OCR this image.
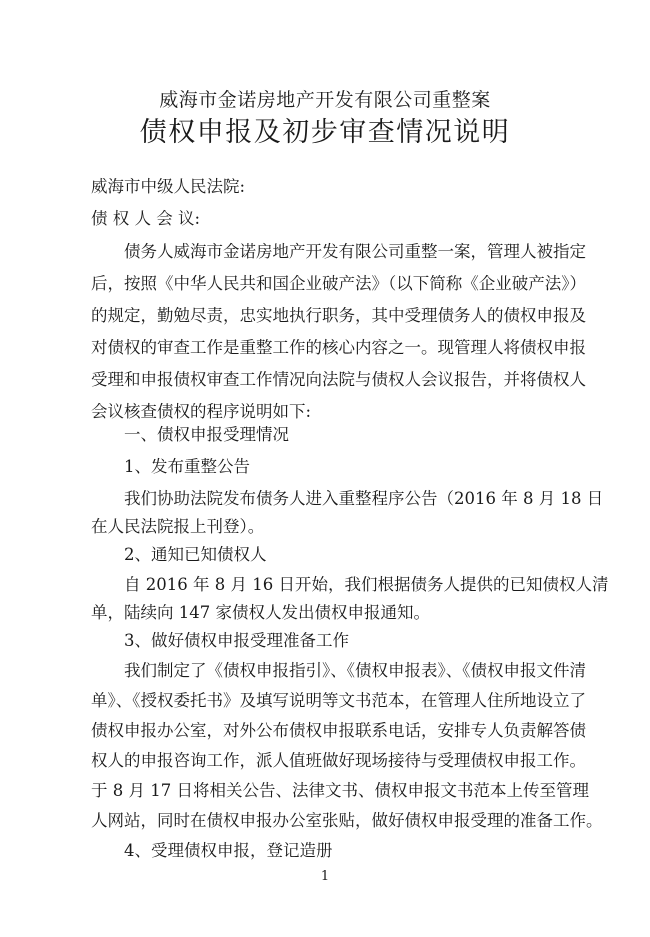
威海市金诺房地产开发有限公司重整案
债权申报及初步审查情况说明
威海市中级人民法院:
债 权 人 会 议:
债务人威海市金诺房地产开发有限公司重整一案，管理人被指定
后，按照《中华人民共和国企业破产法》（以下简称《企业破产法》）
的规定，勤勉尽责，忠实地执行职务，其中受理债务人的债权申报及
对债权的审查工作是重整工作的核心内容之一。现管理人将债权申报
受理和申报债权审查工作情况向法院与债权人会议报告，并将债权人
会议核查债权的程序说明如下:
一、债权申报受理情况
1、发布重整公告
我们协助法院发布债务人进入重整程序公告（2016 年 8 月 18 日
在人民法院报上刊登）。
2、通知已知债权人
自 2016 年 8 月 16 日开始，我们根据债务人提供的已知债权人清
单，陆续向 147 家债权人发出债权申报通知。
3、做好债权申报受理准备工作
1
我们制定了《债权申报指引》、《债权申报表》、《债权申报文件清
单》、《授权委托书》及填写说明等文书范本，在管理人住所地设立了
债权申报办公室，对外公布债权申报联系电话，安排专人负责解答债
权人的申报咨询工作，派人值班做好现场接待与受理债权申报工作。
于 8 月 17 日将相关公告、法律文书、债权申报文书范本上传至管理
人网站，同时在债权申报办公室张贴，做好债权申报受理的准备工作。
4、受理债权申报，登记造册
